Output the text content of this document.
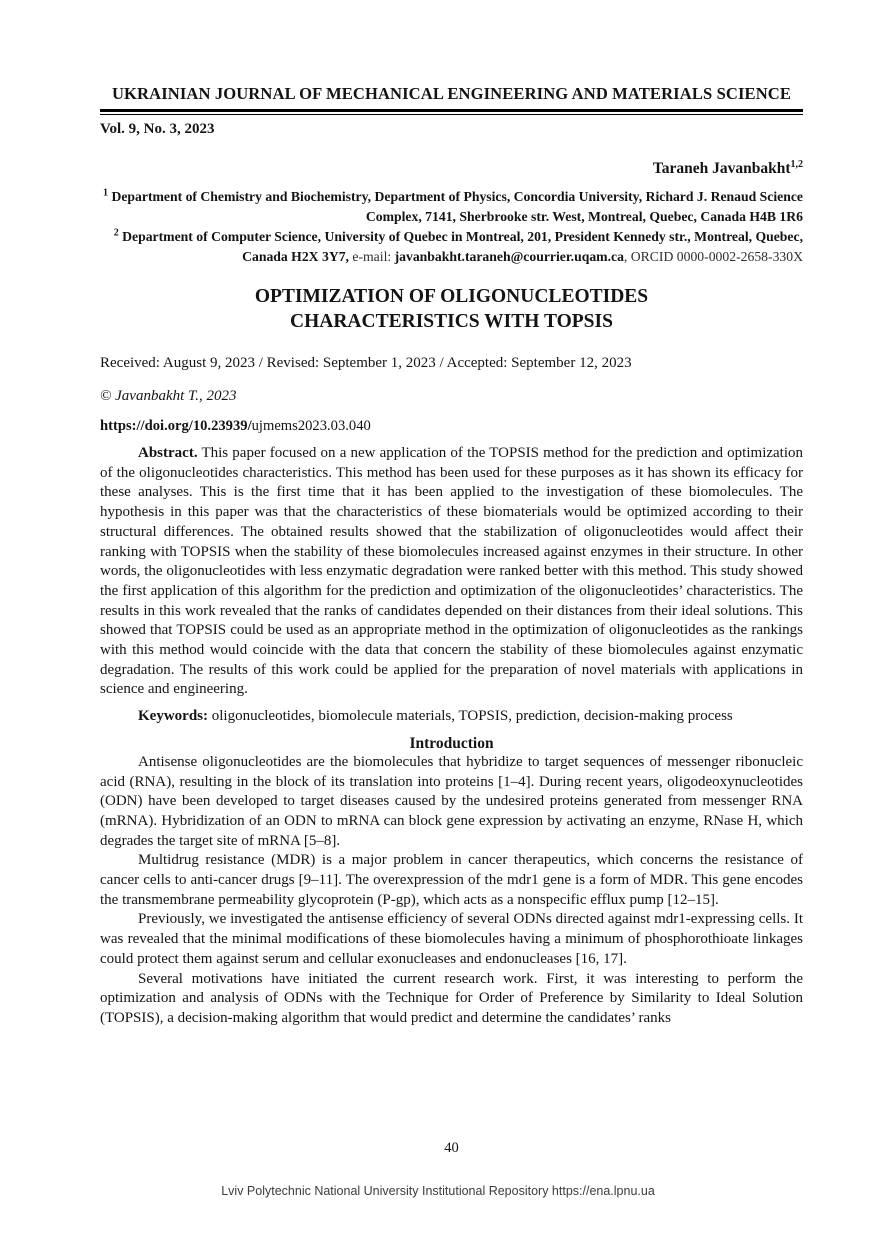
UKRAINIAN JOURNAL OF MECHANICAL ENGINEERING AND MATERIALS SCIENCE
Vol. 9, No. 3, 2023
Taraneh Javanbakht$^{1,2}$

$^1$ Department of Chemistry and Biochemistry, Department of Physics, Concordia University, Richard J. Renaud Science Complex, 7141, Sherbrooke str. West, Montreal, Quebec, Canada H4B 1R6

$^2$ Department of Computer Science, University of Quebec in Montreal, 201, President Kennedy str., Montreal, Quebec, Canada H2X 3Y7, e-mail: javanbakht.taraneh@courrier.uqam.ca, ORCID 0000-0002-2658-330X

OPTIMIZATION OF OLIGONUCLEOTIDES
CHARACTERISTICS WITH TOPSIS

Received: August 9, 2023 / Revised: September 1, 2023 / Accepted: September 12, 2023

© Javanbakht T., 2023

https://doi.org/10.23939/ujmems2023.03.040

Abstract. This paper focused on a new application of the TOPSIS method for the prediction and optimization of the oligonucleotides characteristics. This method has been used for these purposes as it has shown its efficacy for these analyses. This is the first time that it has been applied to the investigation of these biomolecules. The hypothesis in this paper was that the characteristics of these biomaterials would be optimized according to their structural differences. The obtained results showed that the stabilization of oligonucleotides would affect their ranking with TOPSIS when the stability of these biomolecules increased against enzymes in their structure. In other words, the oligonucleotides with less enzymatic degradation were ranked better with this method. This study showed the first application of this algorithm for the prediction and optimization of the oligonucleotides’ characteristics. The results in this work revealed that the ranks of candidates depended on their distances from their ideal solutions. This showed that TOPSIS could be used as an appropriate method in the optimization of oligonucleotides as the rankings with this method would coincide with the data that concern the stability of these biomolecules against enzymatic degradation. The results of this work could be applied for the preparation of novel materials with applications in science and engineering.

Keywords: oligonucleotides, biomolecule materials, TOPSIS, prediction, decision-making process

Introduction

Antisense oligonucleotides are the biomolecules that hybridize to target sequences of messenger ribonucleic acid (RNA), resulting in the block of its translation into proteins [1–4]. During recent years, oligodeoxynucleotides (ODN) have been developed to target diseases caused by the undesired proteins generated from messenger RNA (mRNA). Hybridization of an ODN to mRNA can block gene expression by activating an enzyme, RNase H, which degrades the target site of mRNA [5–8].

Multidrug resistance (MDR) is a major problem in cancer therapeutics, which concerns the resistance of cancer cells to anti-cancer drugs [9–11]. The overexpression of the mdr1 gene is a form of MDR. This gene encodes the transmembrane permeability glycoprotein (P-gp), which acts as a nonspecific efflux pump [12–15].

Previously, we investigated the antisense efficiency of several ODNs directed against mdr1-expressing cells. It was revealed that the minimal modifications of these biomolecules having a minimum of phosphorothioate linkages could protect them against serum and cellular exonucleases and endonucleases [16, 17].

Several motivations have initiated the current research work. First, it was interesting to perform the optimization and analysis of ODNs with the Technique for Order of Preference by Similarity to Ideal Solution (TOPSIS), a decision-making algorithm that would predict and determine the candidates’ ranks

40
Lviv Polytechnic National University Institutional Repository https://ena.lpnu.ua
